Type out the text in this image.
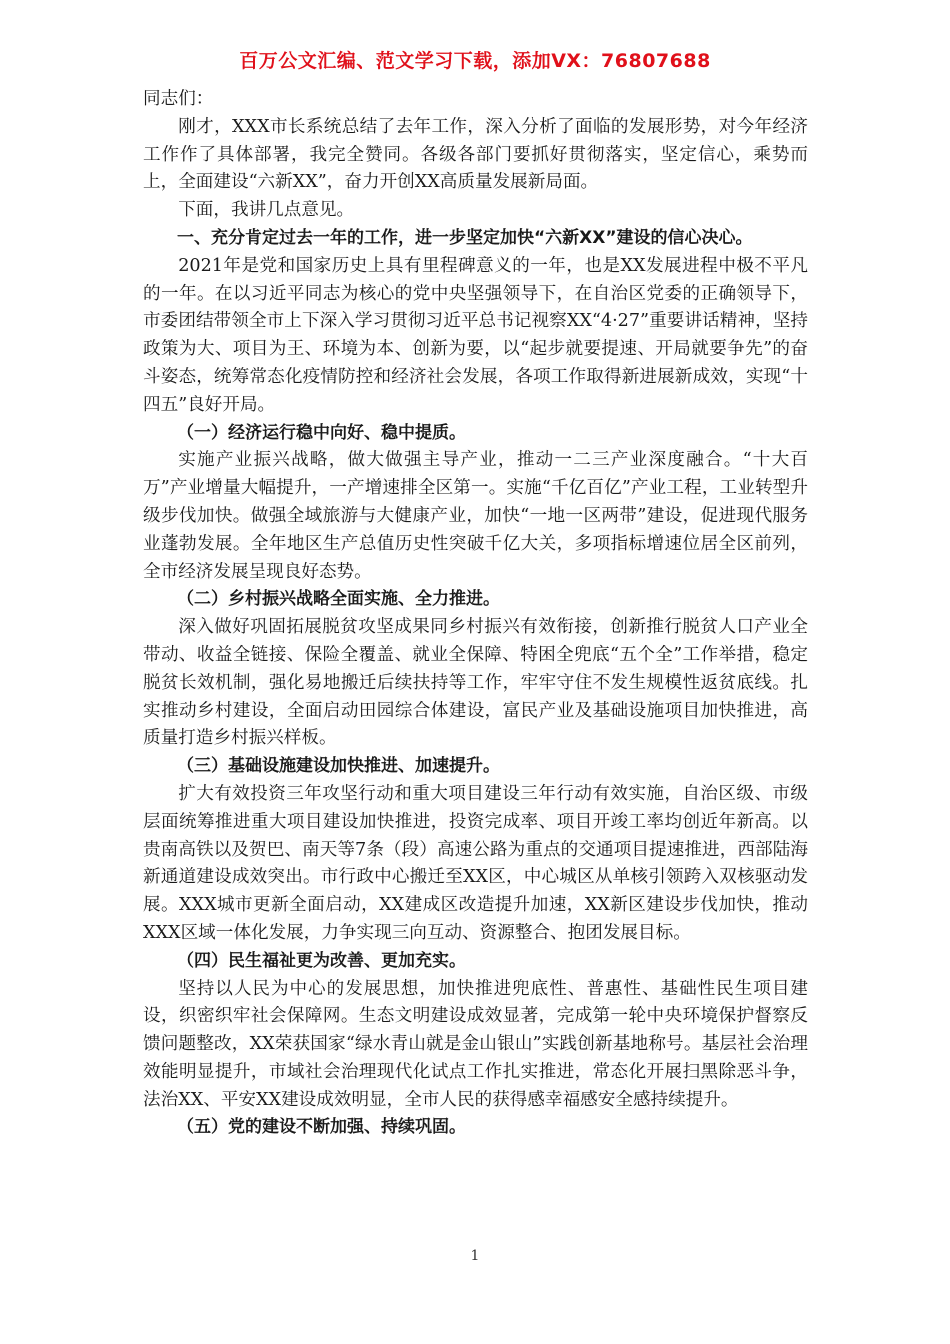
百万公文汇编、范文学习下载，添加VX：76807688

同志们：

刚才，XXX市长系统总结了去年工作，深入分析了面临的发展形势，对今年经济工作作了具体部署，我完全赞同。各级各部门要抓好贯彻落实，坚定信心，乘势而上，全面建设“六新XX”，奋力开创XX高质量发展新局面。

下面，我讲几点意见。

一、充分肯定过去一年的工作，进一步坚定加快“六新XX”建设的信心决心。

2021年是党和国家历史上具有里程碑意义的一年，也是XX发展进程中极不平凡的一年。在以习近平同志为核心的党中央坚强领导下，在自治区党委的正确领导下，市委团结带领全市上下深入学习贯彻习近平总书记视察XX“4·27”重要讲话精神，坚持政策为大、项目为王、环境为本、创新为要，以“起步就要提速、开局就要争先”的奋斗姿态，统筹常态化疫情防控和经济社会发展，各项工作取得新进展新成效，实现“十四五”良好开局。

（一）经济运行稳中向好、稳中提质。

实施产业振兴战略，做大做强主导产业，推动一二三产业深度融合。“十大百万”产业增量大幅提升，一产增速排全区第一。实施“千亿百亿”产业工程，工业转型升级步伐加快。做强全域旅游与大健康产业，加快“一地一区两带”建设，促进现代服务业蓬勃发展。全年地区生产总值历史性突破千亿大关，多项指标增速位居全区前列，全市经济发展呈现良好态势。

（二）乡村振兴战略全面实施、全力推进。

深入做好巩固拓展脱贫攻坚成果同乡村振兴有效衔接，创新推行脱贫人口产业全带动、收益全链接、保险全覆盖、就业全保障、特困全兜底“五个全”工作举措，稳定脱贫长效机制，强化易地搬迁后续扶持等工作，牢牢守住不发生规模性返贫底线。扎实推动乡村建设，全面启动田园综合体建设，富民产业及基础设施项目加快推进，高质量打造乡村振兴样板。

（三）基础设施建设加快推进、加速提升。

扩大有效投资三年攻坚行动和重大项目建设三年行动有效实施，自治区级、市级层面统筹推进重大项目建设加快推进，投资完成率、项目开竣工率均创近年新高。以贵南高铁以及贺巴、南天等7条（段）高速公路为重点的交通项目提速推进，西部陆海新通道建设成效突出。市行政中心搬迁至XX区，中心城区从单核引领跨入双核驱动发展。XXX城市更新全面启动，XX建成区改造提升加速，XX新区建设步伐加快，推动XXX区域一体化发展，力争实现三向互动、资源整合、抱团发展目标。

（四）民生福祉更为改善、更加充实。

坚持以人民为中心的发展思想，加快推进兜底性、普惠性、基础性民生项目建设，织密织牢社会保障网。生态文明建设成效显著，完成第一轮中央环境保护督察反馈问题整改，XX荣获国家“绿水青山就是金山银山”实践创新基地称号。基层社会治理效能明显提升，市域社会治理现代化试点工作扎实推进，常态化开展扫黑除恶斗争，法治XX、平安XX建设成效明显，全市人民的获得感幸福感安全感持续提升。

（五）党的建设不断加强、持续巩固。

1
